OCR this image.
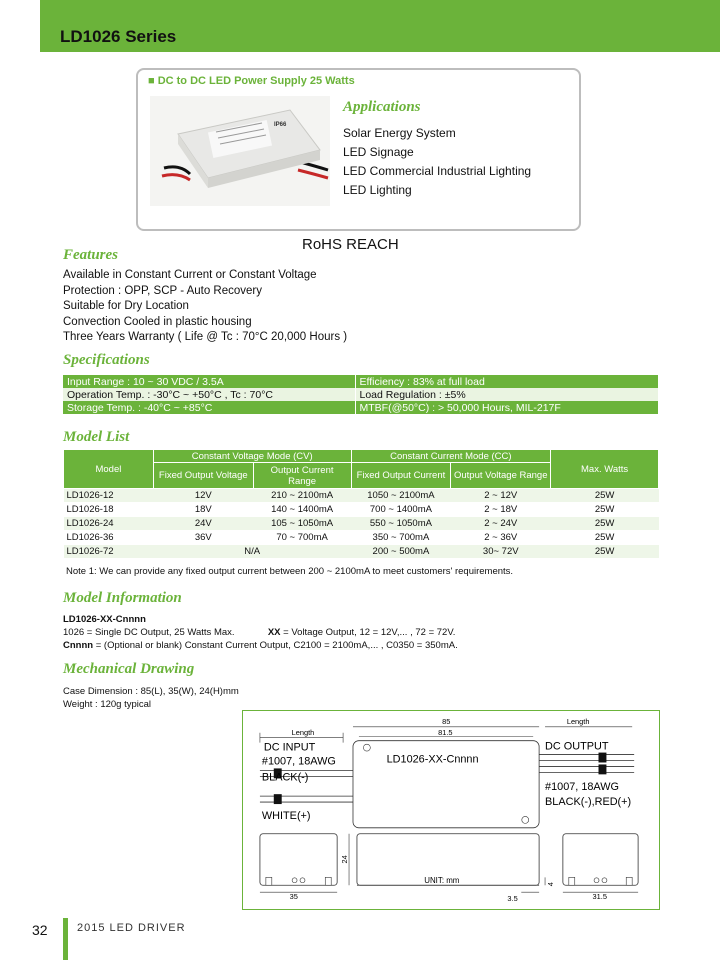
LD1026 Series
■ DC to DC LED Power Supply 25 Watts
IP66
Applications
Solar Energy System
LED Signage
LED Commercial Industrial Lighting
LED Lighting
RoHS REACH
Features
Available in Constant Current or Constant Voltage
Protection : OPP, SCP - Auto Recovery
Suitable for Dry Location
Convection Cooled in plastic housing
Three Years Warranty ( Life @ Tc : 70°C 20,000 Hours )
Specifications
Input Range : 10 ~ 30 VDC / 3.5A	Efficiency : 83% at full load
Operation Temp. : -30°C ~ +50°C , Tc : 70°C	Load Regulation : ±5%
Storage Temp. : -40°C ~ +85°C	MTBF(@50°C) : > 50,000 Hours, MIL-217F
Model List
Model	Constant Voltage Mode (CV)		Constant Current Mode (CC)		Max. Watts
	Fixed Output Voltage	Output Current Range	Fixed Output Current	Output Voltage Range	
LD1026-12	12V	210 ~ 2100mA	1050 ~ 2100mA	2 ~ 12V	25W
LD1026-18	18V	140 ~ 1400mA	700 ~ 1400mA	2 ~ 18V	25W
LD1026-24	24V	105 ~ 1050mA	550 ~ 1050mA	2 ~ 24V	25W
LD1026-36	36V	70 ~ 700mA	350 ~ 700mA	2 ~ 36V	25W
LD1026-72	N/A		200 ~ 500mA	30~ 72V	25W
Note 1: We can provide any fixed output current between 200 ~ 2100mA to meet customers' requirements.
Model Information
LD1026-XX-Cnnnn
1026 = Single DC Output, 25 Watts Max.	XX = Voltage Output, 12 = 12V,... , 72 = 72V.
Cnnnn = (Optional or blank) Constant Current Output, C2100 = 2100mA,... , C0350 = 350mA.
Mechanical Drawing
Case Dimension : 85(L), 35(W), 24(H)mm
Weight : 120g typical
Length
85
81.5
Length
LD1026-XX-Cnnnn
DC INPUT
#1007, 18AWG
BLACK(-)
WHITE(+)
DC OUTPUT
#1007, 18AWG
BLACK(-),RED(+)
35
24
UNIT: mm
3.5
4
31.5
32	2015 LED DRIVER
